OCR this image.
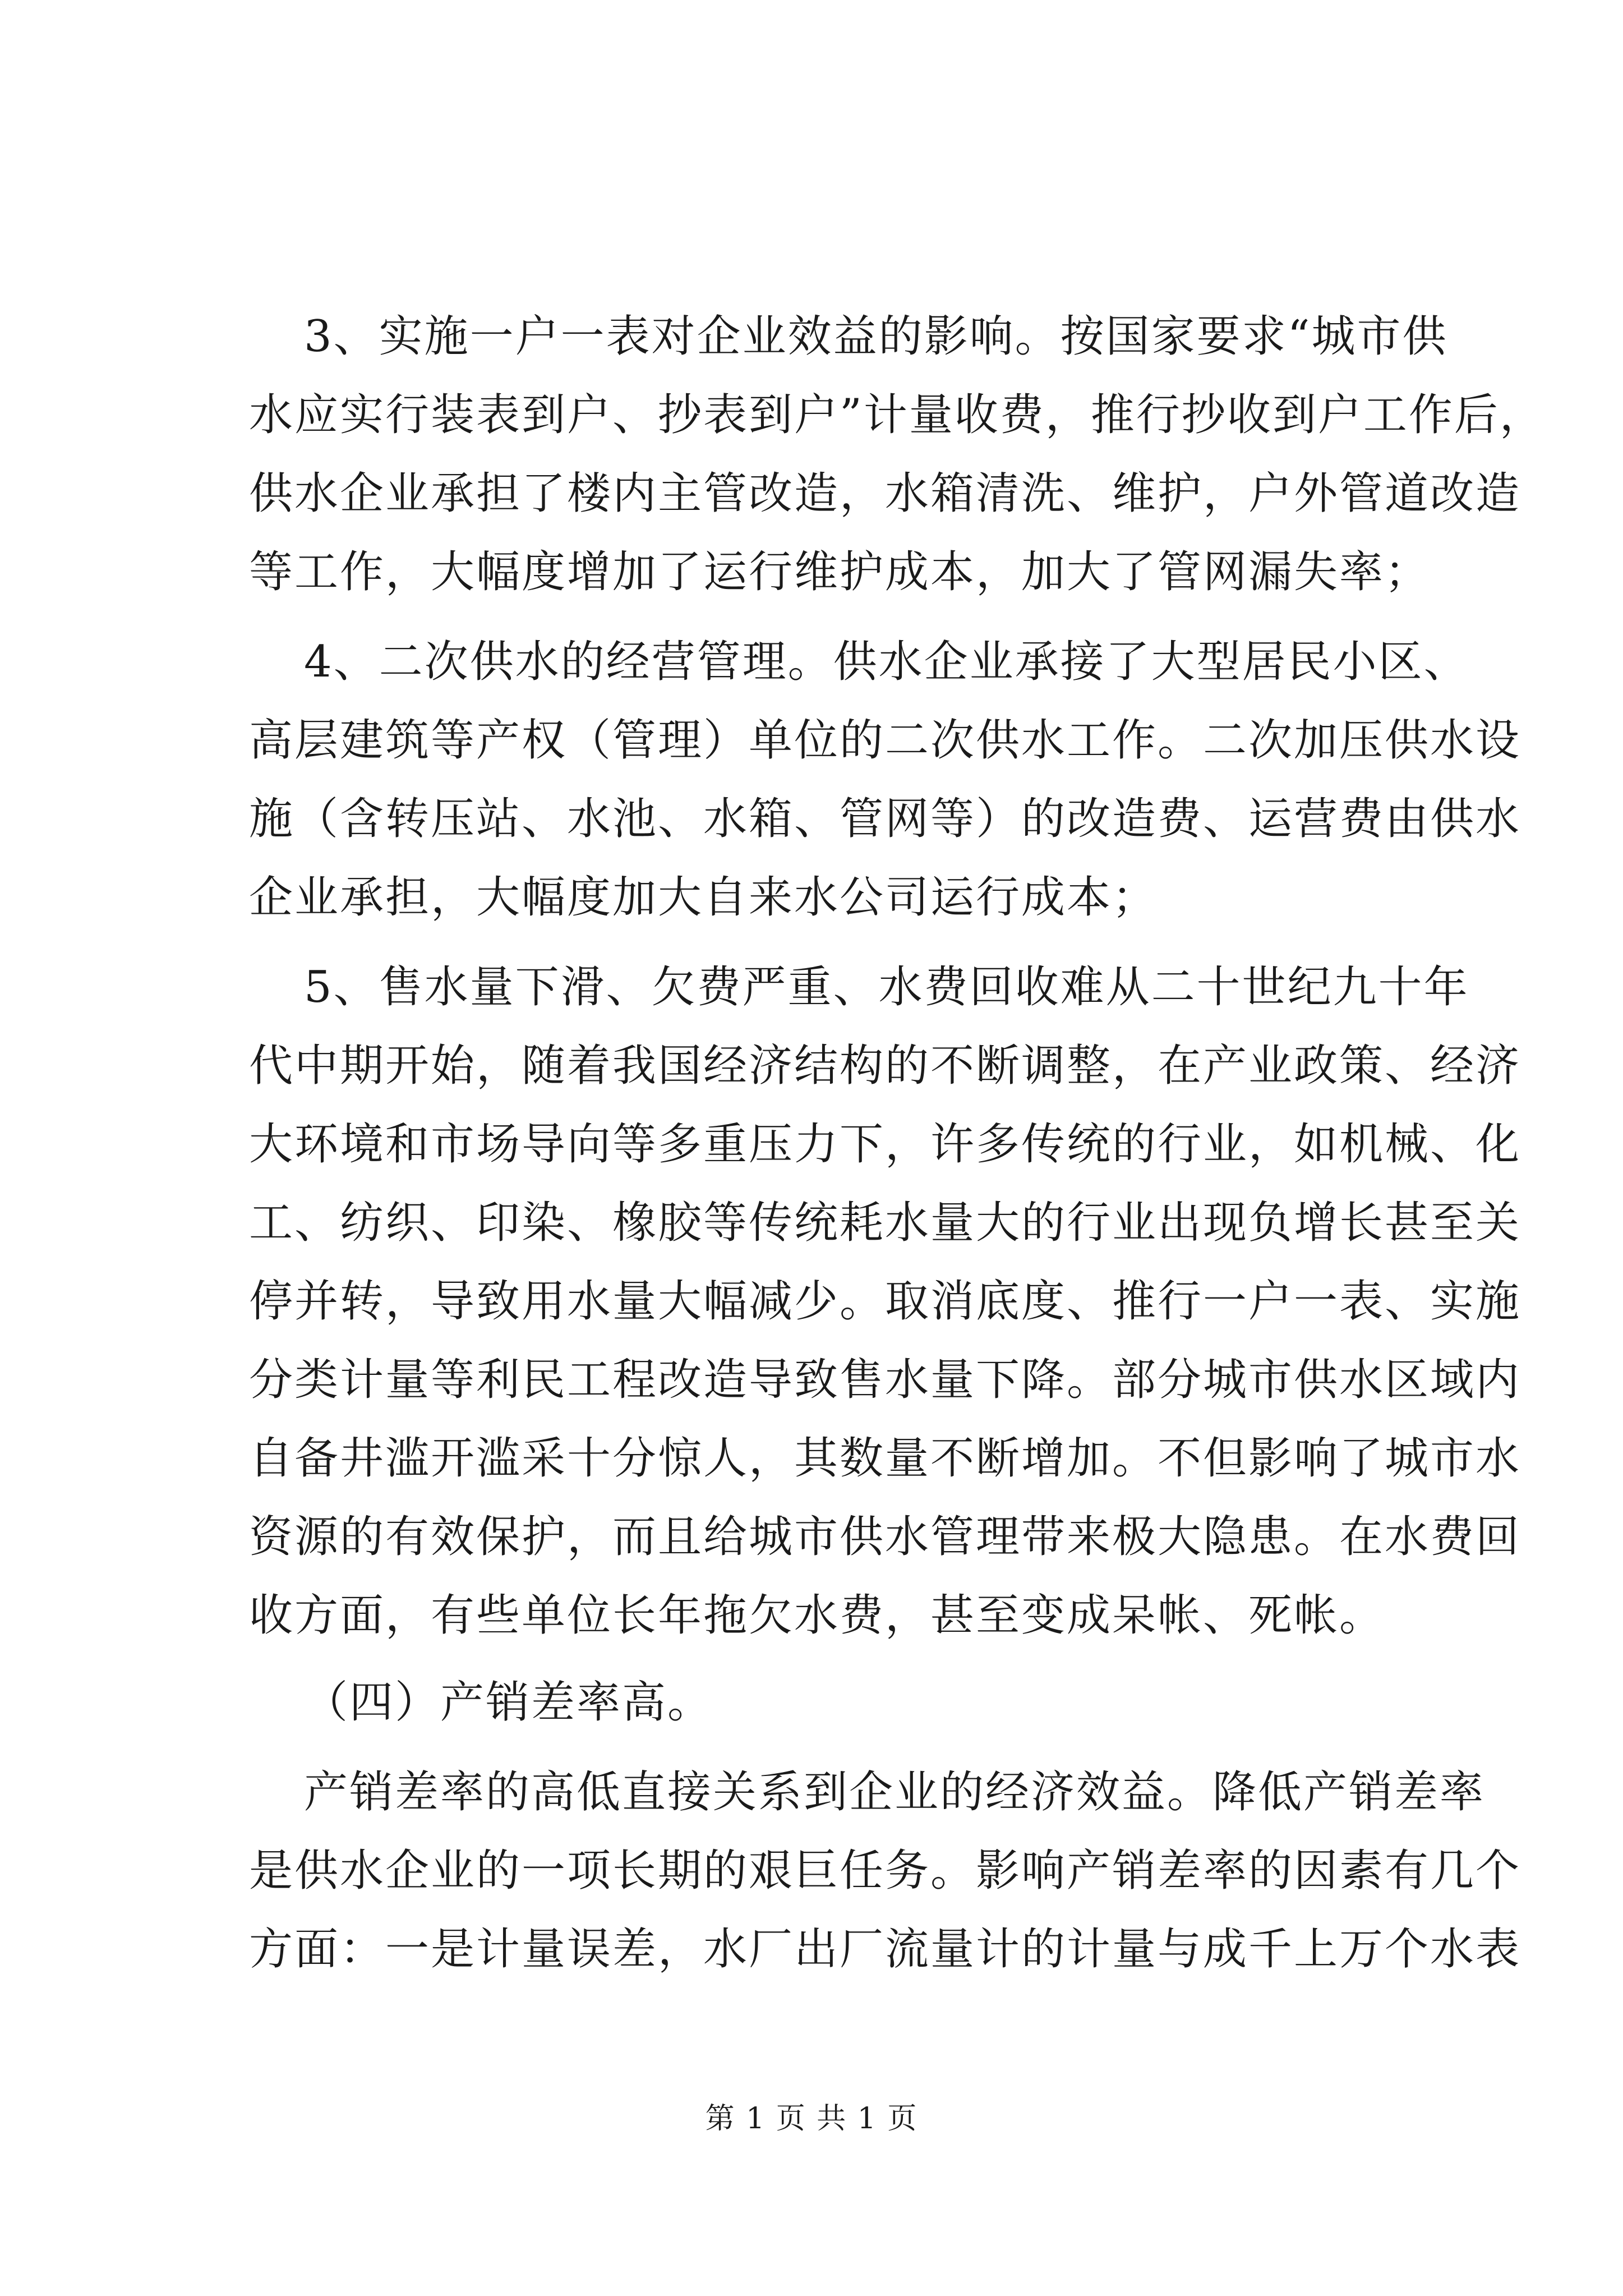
3、实施一户一表对企业效益的影响。按国家要求“城市供
水应实行装表到户、抄表到户”计量收费，推行抄收到户工作后，
供水企业承担了楼内主管改造，水箱清洗、维护，户外管道改造
等工作，大幅度增加了运行维护成本，加大了管网漏失率；
4、二次供水的经营管理。供水企业承接了大型居民小区、
高层建筑等产权（管理）单位的二次供水工作。二次加压供水设
施（含转压站、水池、水箱、管网等）的改造费、运营费由供水
企业承担，大幅度加大自来水公司运行成本；
5、售水量下滑、欠费严重、水费回收难从二十世纪九十年
代中期开始，随着我国经济结构的不断调整，在产业政策、经济
大环境和市场导向等多重压力下，许多传统的行业，如机械、化
工、纺织、印染、橡胶等传统耗水量大的行业出现负增长甚至关
停并转，导致用水量大幅减少。取消底度、推行一户一表、实施
分类计量等利民工程改造导致售水量下降。部分城市供水区域内
自备井滥开滥采十分惊人，其数量不断增加。不但影响了城市水
资源的有效保护，而且给城市供水管理带来极大隐患。在水费回
收方面，有些单位长年拖欠水费，甚至变成呆帐、死帐。
（四）产销差率高。
产销差率的高低直接关系到企业的经济效益。降低产销差率
是供水企业的一项长期的艰巨任务。影响产销差率的因素有几个
方面：一是计量误差，水厂出厂流量计的计量与成千上万个水表
第 1 页 共 1 页
